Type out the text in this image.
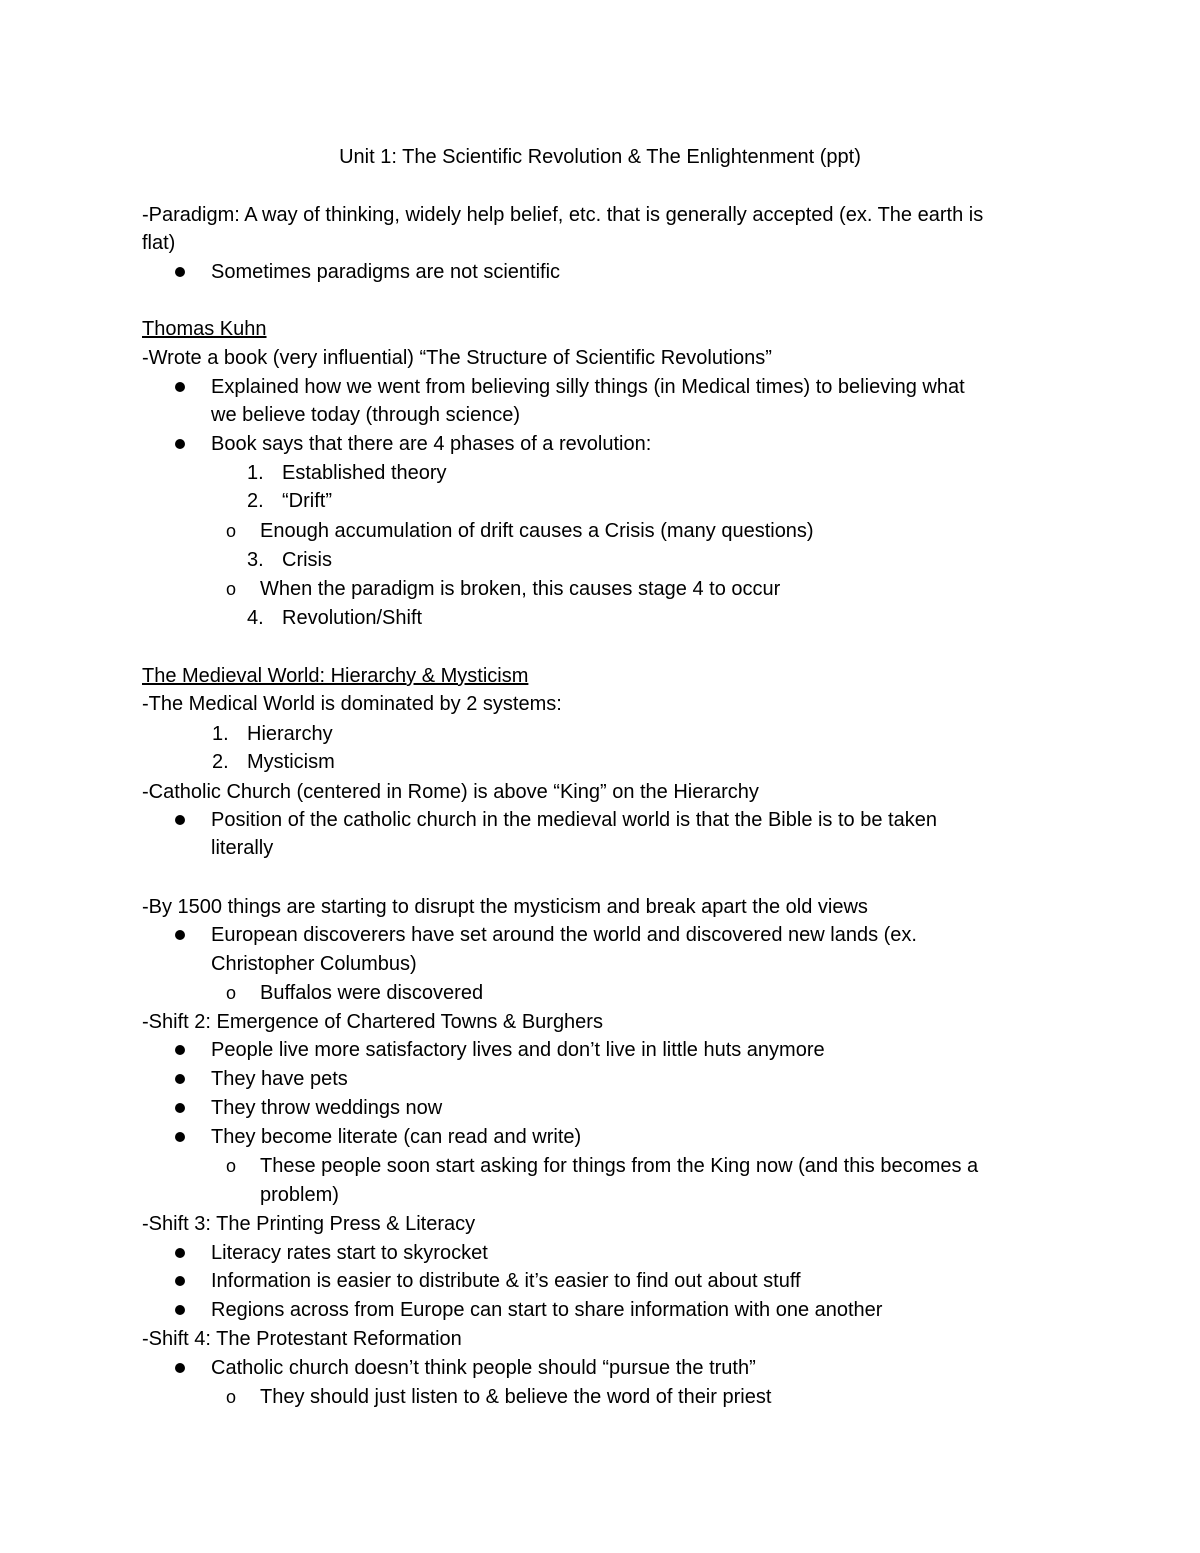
Unit 1: The Scientific Revolution & The Enlightenment (ppt)
-Paradigm: A way of thinking, widely help belief, etc. that is generally accepted (ex. The earth is
flat)
Sometimes paradigms are not scientific
Thomas Kuhn
-Wrote a book (very influential) “The Structure of Scientific Revolutions”
Explained how we went from believing silly things (in Medical times) to believing what
we believe today (through science)
Book says that there are 4 phases of a revolution:
1. Established theory
2. “Drift”
o Enough accumulation of drift causes a Crisis (many questions)
3. Crisis
o When the paradigm is broken, this causes stage 4 to occur
4. Revolution/Shift
The Medieval World: Hierarchy & Mysticism
-The Medical World is dominated by 2 systems:
1. Hierarchy
2. Mysticism
-Catholic Church (centered in Rome) is above “King” on the Hierarchy
Position of the catholic church in the medieval world is that the Bible is to be taken
literally
-By 1500 things are starting to disrupt the mysticism and break apart the old views
European discoverers have set around the world and discovered new lands (ex.
Christopher Columbus)
o Buffalos were discovered
-Shift 2: Emergence of Chartered Towns & Burghers
People live more satisfactory lives and don’t live in little huts anymore
They have pets
They throw weddings now
They become literate (can read and write)
o These people soon start asking for things from the King now (and this becomes a
problem)
-Shift 3: The Printing Press & Literacy
Literacy rates start to skyrocket
Information is easier to distribute & it’s easier to find out about stuff
Regions across from Europe can start to share information with one another
-Shift 4: The Protestant Reformation
Catholic church doesn’t think people should “pursue the truth”
o They should just listen to & believe the word of their priest
